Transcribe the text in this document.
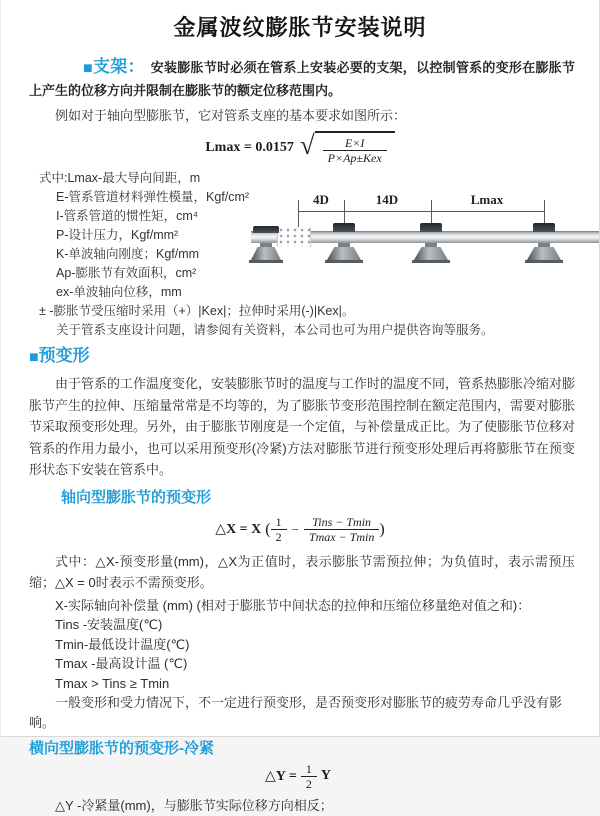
金属波纹膨胀节安装说明

■支架： 安装膨胀节时必须在管系上安装必要的支架，以控制管系的变形在膨胀节上产生的位移方向并限制在膨胀节的额定位移范围内。

例如对于轴向型膨胀节，它对管系支座的基本要求如图所示：

Lmax = 0.0157 √ $\frac{E\times I}{\text{P×Ap±Kex}}$
式中:Lmax-最大导向间距，m
E-管系管道材料弹性模量，Kgf/cm²
I-管系管道的惯性矩，cm⁴
P-设计压力，Kgf/mm²
K-单波轴向刚度；Kgf/mm
Ap-膨胀节有效面积，cm²
ex-单波轴向位移，mm
± -膨胀节受压缩时采用（+）|Kex|；拉伸时采用(-)|Kex|。
关于管系支座设计问题，请参阅有关资料，本公司也可为用户提供咨询等服务。
4D	14D	Lmax
■预变形

由于管系的工作温度变化，安装膨胀节时的温度与工作时的温度不同，管系热膨胀冷缩对膨胀节产生的拉伸、压缩量常常是不均等的，为了膨胀节变形范围控制在额定范围内，需要对膨胀节采取预变形处理。另外，由于膨胀节刚度是一个定值，与补偿量成正比。为了使膨胀节位移对管系的作用力最小，也可以采用预变形(冷紧)方法对膨胀节进行预变形处理后再将膨胀节在预变形状态下安装在管系中。

轴向型膨胀节的预变形
△X = X ( $\frac{1}{2} - \frac{\text{Tins − Tmin}}{Tmax - Tmin}$ )

式中：△X-预变形量(mm)，△X为正值时，表示膨胀节需预拉伸；为负值时，表示需预压缩；△X = 0时表示不需预变形。

X-实际轴向补偿量 (mm) (相对于膨胀节中间状态的拉伸和压缩位移量绝对值之和)：

Tins -安装温度(℃)

Tmin-最低设计温度(℃)

Tmax -最高设计温 (℃)

Tmax > Tins ≥ Tmin

一般变形和受力情况下，不一定进行预变形，是否预变形对膨胀节的疲劳寿命几乎没有影响。

横向型膨胀节的预变形-冷紧
△Y = $\frac{1}{2}$ Y

△Y -冷紧量(mm)，与膨胀节实际位移方向相反；
